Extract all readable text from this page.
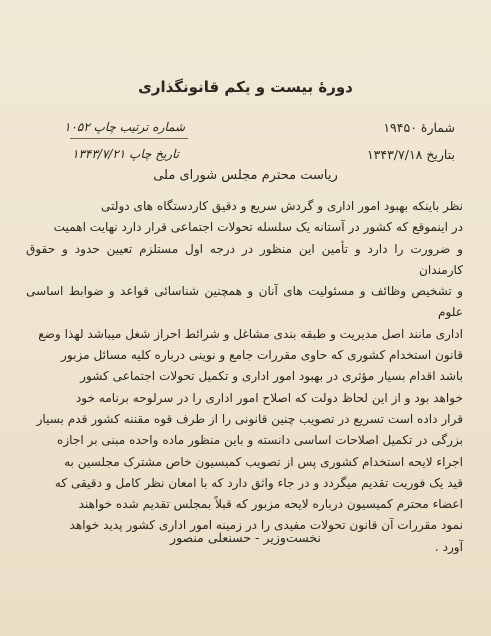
دورهٔ بیست و یکم قانونگذاری
شمارهٔ ۱۹۴۵۰
بتاریخ ۱۳۴۳/۷/۱۸
شماره ترتیب چاپ ۱۰۵۲
تاریخ چاپ ۱۳۴۳/۷/۲۱
ریاست محترم مجلس شورای ملی

نظر باینکه بهبود امور اداری و گردش سریع و دقیق کاردستگاه های دولتی

در اینموقع که کشور در آستانه یک سلسله تحولات اجتماعی قرار دارد نهایت اهمیت

و ضرورت را دارد و تأمین این منظور در درجه اول مستلزم تعیین حدود و حقوق کارمندان

و تشخیص وظائف و مسئولیت های آنان و همچنین شناسائی قواعد و ضوابط اساسی علوم

اداری مانند اصل مدیریت و طبقه بندی مشاغل و شرائط احراز شغل میباشد لهذا وضع

قانون استخدام کشوری که حاوی مقررات جامع و نوینی درباره کلیه مسائل مزبور

باشد اقدام بسیار مؤثری در بهبود امور اداری و تکمیل تحولات اجتماعی کشور

خواهد بود و از این لحاظ دولت که اصلاح امور اداری را در سرلوحه برنامه خود

قرار داده است تسریع در تصویب چنین قانونی را از طرف قوه مقننه کشور قدم بسیار

بزرگی در تکمیل اصلاحات اساسی دانسته و باین منظور ماده واحده مبنی بر اجازه

اجراء لایحه استخدام کشوری پس از تصویب کمیسیون خاص مشترک مجلسین به

قید یک فوریت تقدیم میگردد و در جاء واثق دارد که با امعان نظر کامل و دقیقی که

اعضاء محترم کمیسیون درباره لایحه مزبور که قبلاً بمجلس تقدیم شده خواهند

نمود مقررات آن قانون تحولات مفیدی را در زمینه امور اداری کشور پدید خواهد

آورد .

نخست‌وزیر - حسنعلی منصور
